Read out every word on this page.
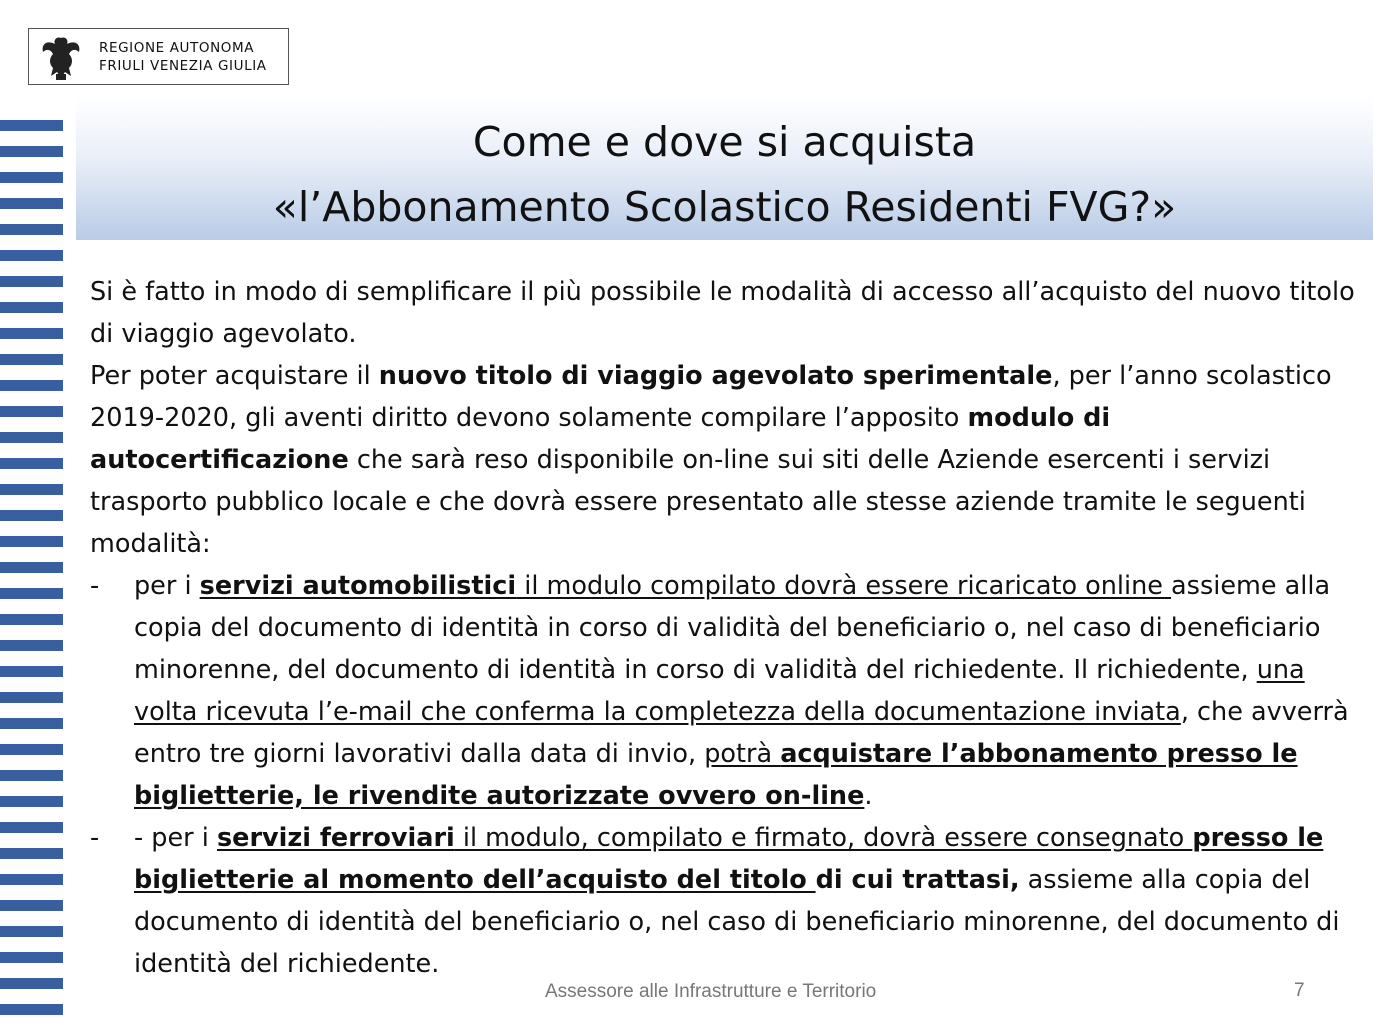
REGIONE AUTONOMA
FRIULI VENEZIA GIULIA
Come e dove si acquista
«l’Abbonamento Scolastico Residenti FVG?»

Si è fatto in modo di semplificare il più possibile le modalità di accesso all’acquisto del nuovo titolo di viaggio agevolato.

Per poter acquistare il nuovo titolo di viaggio agevolato sperimentale, per l’anno scolastico 2019-2020, gli aventi diritto devono solamente compilare l’apposito modulo di autocertificazione che sarà reso disponibile on-line sui siti delle Aziende esercenti i servizi trasporto pubblico locale e che dovrà essere presentato alle stesse aziende tramite le seguenti modalità:

- per i servizi automobilistici il modulo compilato dovrà essere ricaricato online assieme alla copia del documento di identità in corso di validità del beneficiario o, nel caso di beneficiario minorenne, del documento di identità in corso di validità del richiedente. Il richiedente, una volta ricevuta l’e-mail che conferma la completezza della documentazione inviata, che avverrà entro tre giorni lavorativi dalla data di invio, potrà acquistare l’abbonamento presso le biglietterie, le rivendite autorizzate ovvero on-line.

- - per i servizi ferroviari il modulo, compilato e firmato, dovrà essere consegnato presso le biglietterie al momento dell’acquisto del titolo di cui trattasi, assieme alla copia del documento di identità del beneficiario o, nel caso di beneficiario minorenne, del documento di identità del richiedente.

Assessore alle Infrastrutture e Territorio	7
